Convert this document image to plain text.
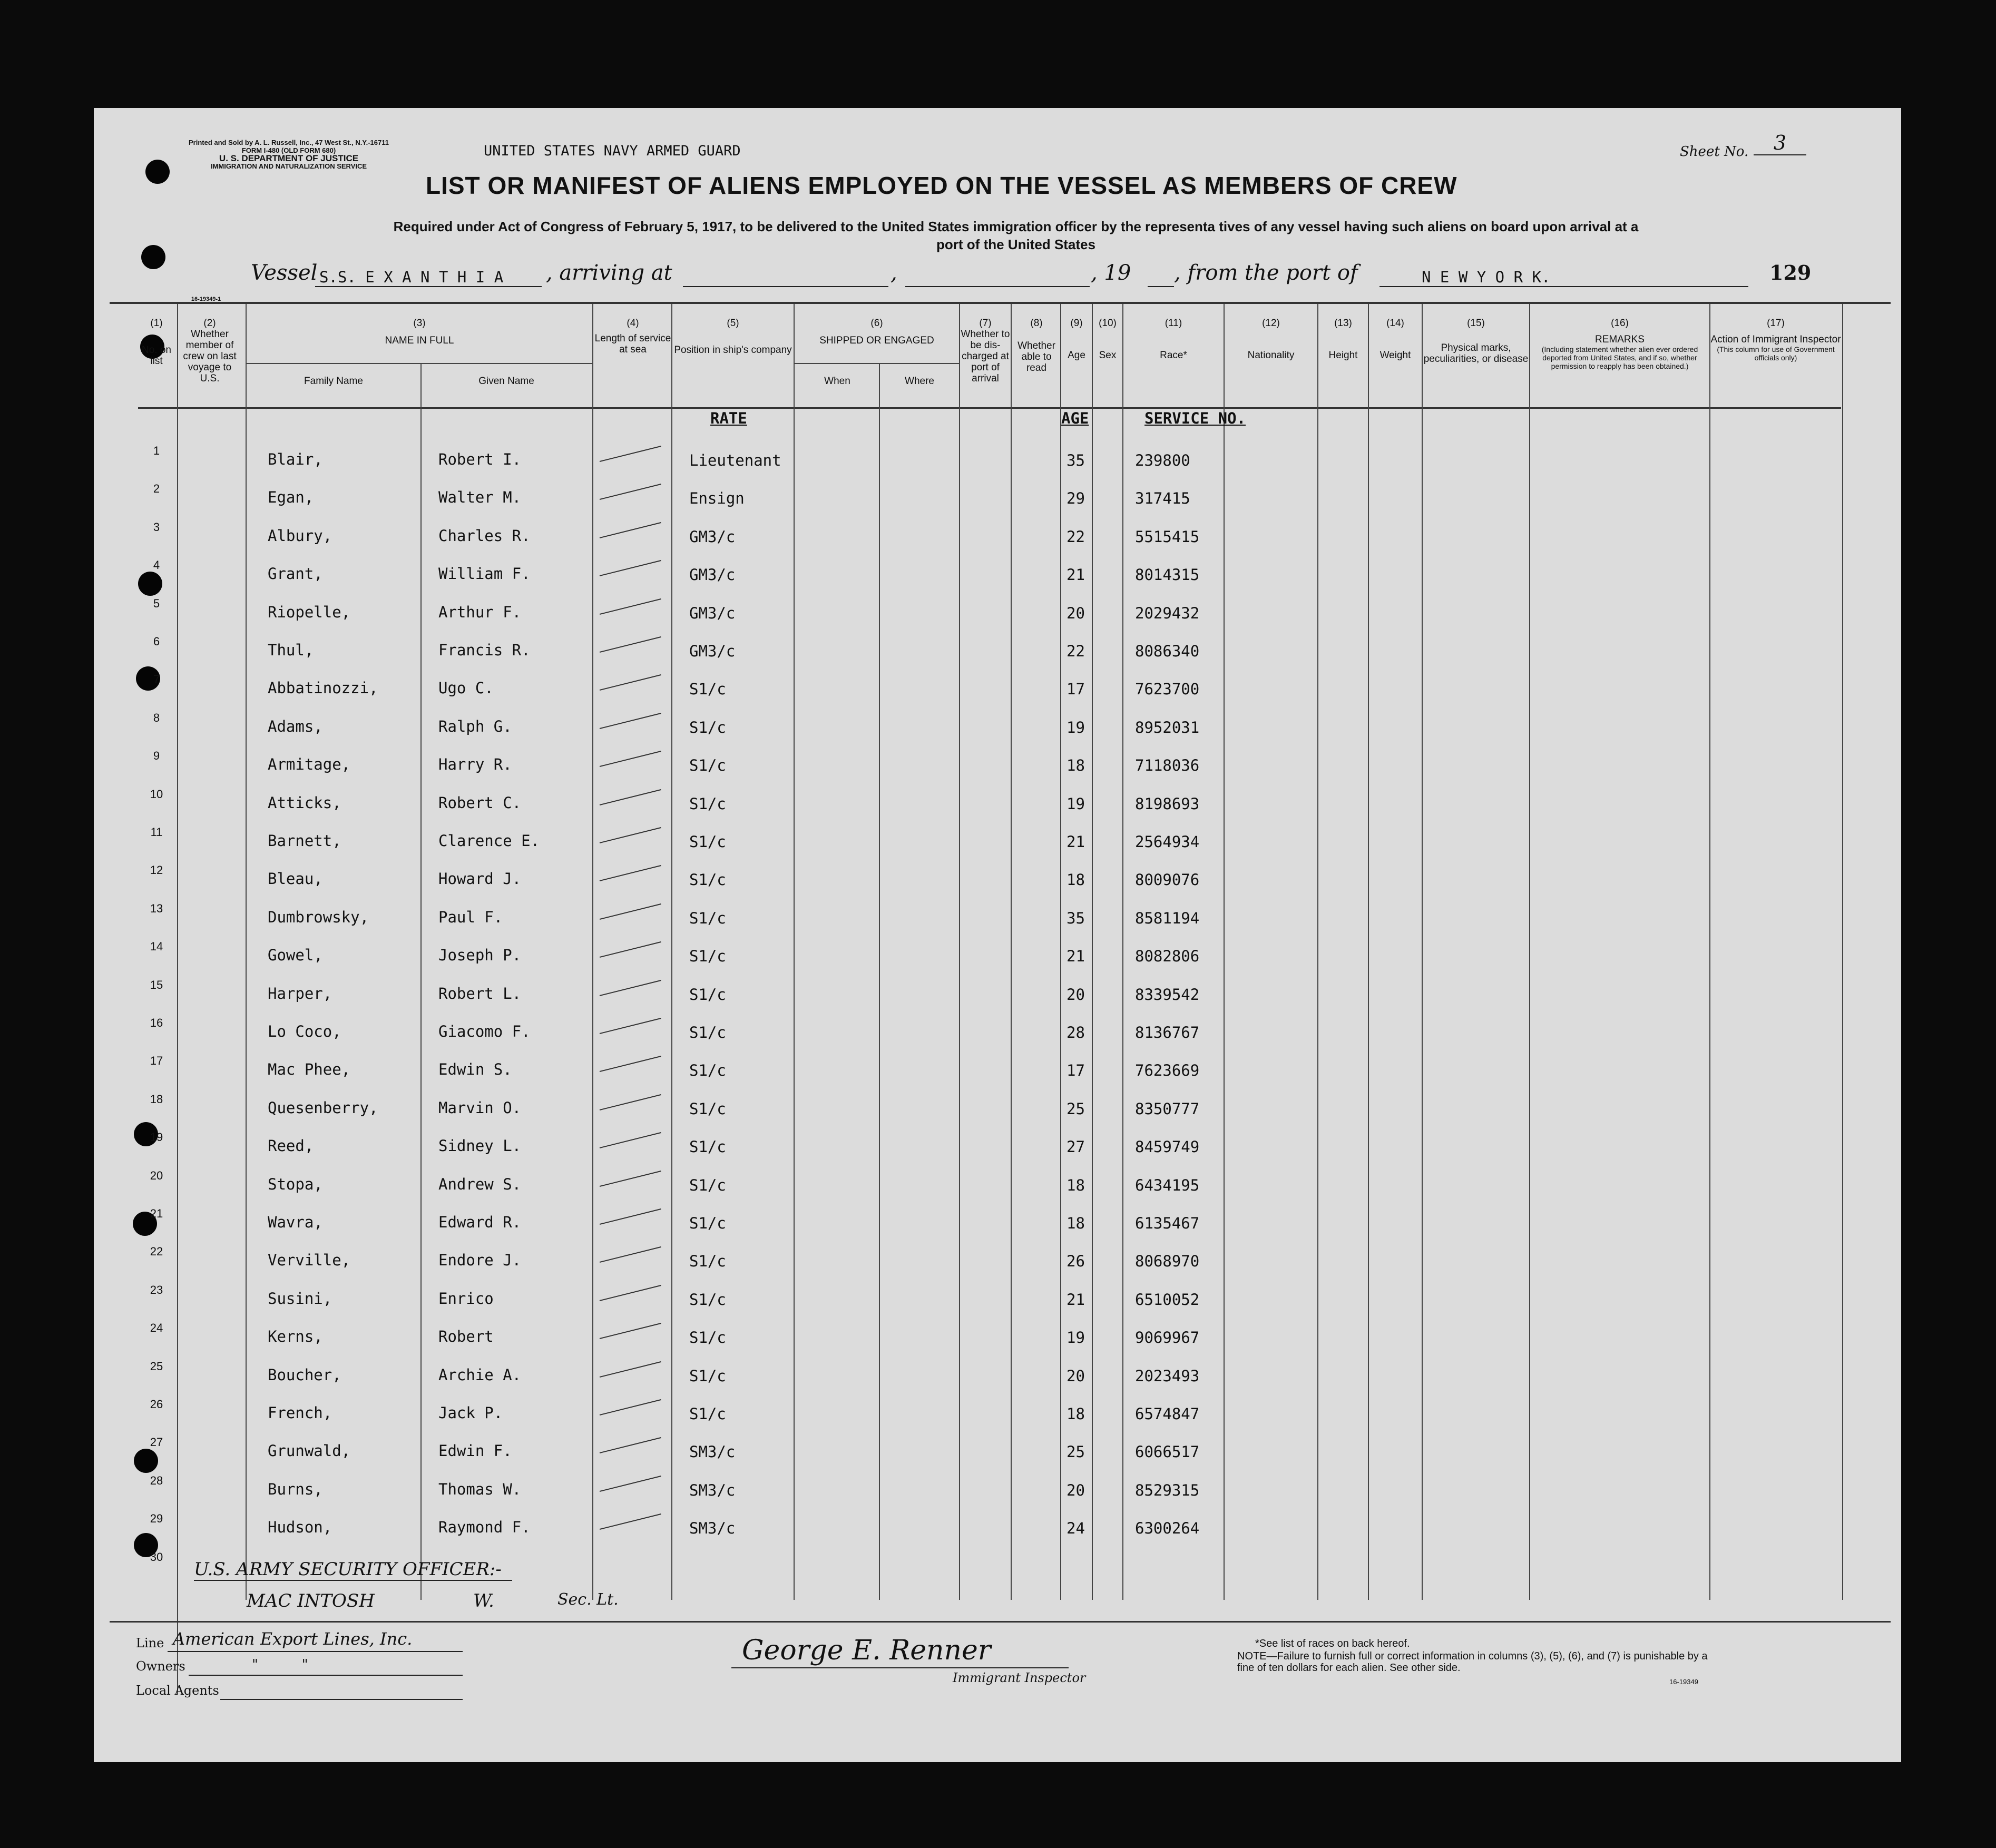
Printed and Sold by A. L. Russell, Inc., 47 West St., N.Y.-16711
FORM I-480 (OLD FORM 680)
U. S. DEPARTMENT OF JUSTICE
IMMIGRATION AND NATURALIZATION SERVICE
UNITED STATES NAVY ARMED GUARD	Sheet No.	3
LIST OR MANIFEST OF ALIENS EMPLOYED ON THE VESSEL AS MEMBERS OF CREW
Required under Act of Congress of February 5, 1917, to be delivered to the United States immigration officer by the representa tives of any vessel having such aliens on board upon arrival at a
port of the United States
Vessel S.S. E X A N T H I A , arriving at	,	, 19 , from the port of	N E W Y O R K.	129
16-19349-1
(1)
No. on list
(2)
Whether member of crew on last voyage to U.S.
(3)
NAME IN FULL
Family Name	Given Name
(4)
Length of service at sea
(5)
Position in ship's company
(6)
SHIPPED OR ENGAGED
When	Where
(7)
Whether to be dis-charged at port of arrival
(8)
Whether able to read
(9)
Age
(10)
Sex
(11)
Race*
(12)
Nationality
(13)
Height
(14)
Weight
(15)
Physical marks, peculiarities, or disease
(16)
REMARKS
(Including statement whether alien ever ordered deported from United States, and if so, whether permission to reapply has been obtained.)
(17)
Action of Immigrant Inspector
(This column for use of Government officials only)
RATE	AGE	SERVICE NO.
1	Blair,	Robert I.	Lieutenant	35	239800
2	Egan,	Walter M.	Ensign	29	317415
3	Albury,	Charles R.	GM3/c	22	5515415
4	Grant,	William F.	GM3/c	21	8014315
5	Riopelle,	Arthur F.	GM3/c	20	2029432
6	Thul,	Francis R.	GM3/c	22	8086340
7	Abbatinozzi,	Ugo C.	S1/c	17	7623700
8	Adams,	Ralph G.	S1/c	19	8952031
9	Armitage,	Harry R.	S1/c	18	7118036
10	Atticks,	Robert C.	S1/c	19	8198693
11	Barnett,	Clarence E.	S1/c	21	2564934
12	Bleau,	Howard J.	S1/c	18	8009076
13	Dumbrowsky,	Paul F.	S1/c	35	8581194
14	Gowel,	Joseph P.	S1/c	21	8082806
15	Harper,	Robert L.	S1/c	20	8339542
16	Lo Coco,	Giacomo F.	S1/c	28	8136767
17	Mac Phee,	Edwin S.	S1/c	17	7623669
18	Quesenberry,	Marvin O.	S1/c	25	8350777
19	Reed,	Sidney L.	S1/c	27	8459749
20	Stopa,	Andrew S.	S1/c	18	6434195
21	Wavra,	Edward R.	S1/c	18	6135467
22	Verville,	Endore J.	S1/c	26	8068970
23	Susini,	Enrico	S1/c	21	6510052
24	Kerns,	Robert	S1/c	19	9069967
25	Boucher,	Archie A.	S1/c	20	2023493
26	French,	Jack P.	S1/c	18	6574847
27	Grunwald,	Edwin F.	SM3/c	25	6066517
28	Burns,	Thomas W.	SM3/c	20	8529315
29	Hudson,	Raymond F.	SM3/c	24	6300264
30
U.S. ARMY SECURITY OFFICER:-
MAC INTOSH	W.	Sec. Lt.
Line American Export Lines, Inc.
Owners	"          "
Local Agents
George E. Renner
Immigrant Inspector
*See list of races on back hereof.
NOTE—Failure to furnish full or correct information in columns (3), (5), (6), and (7) is punishable by a fine of ten dollars for each alien. See other side.
16-19349
